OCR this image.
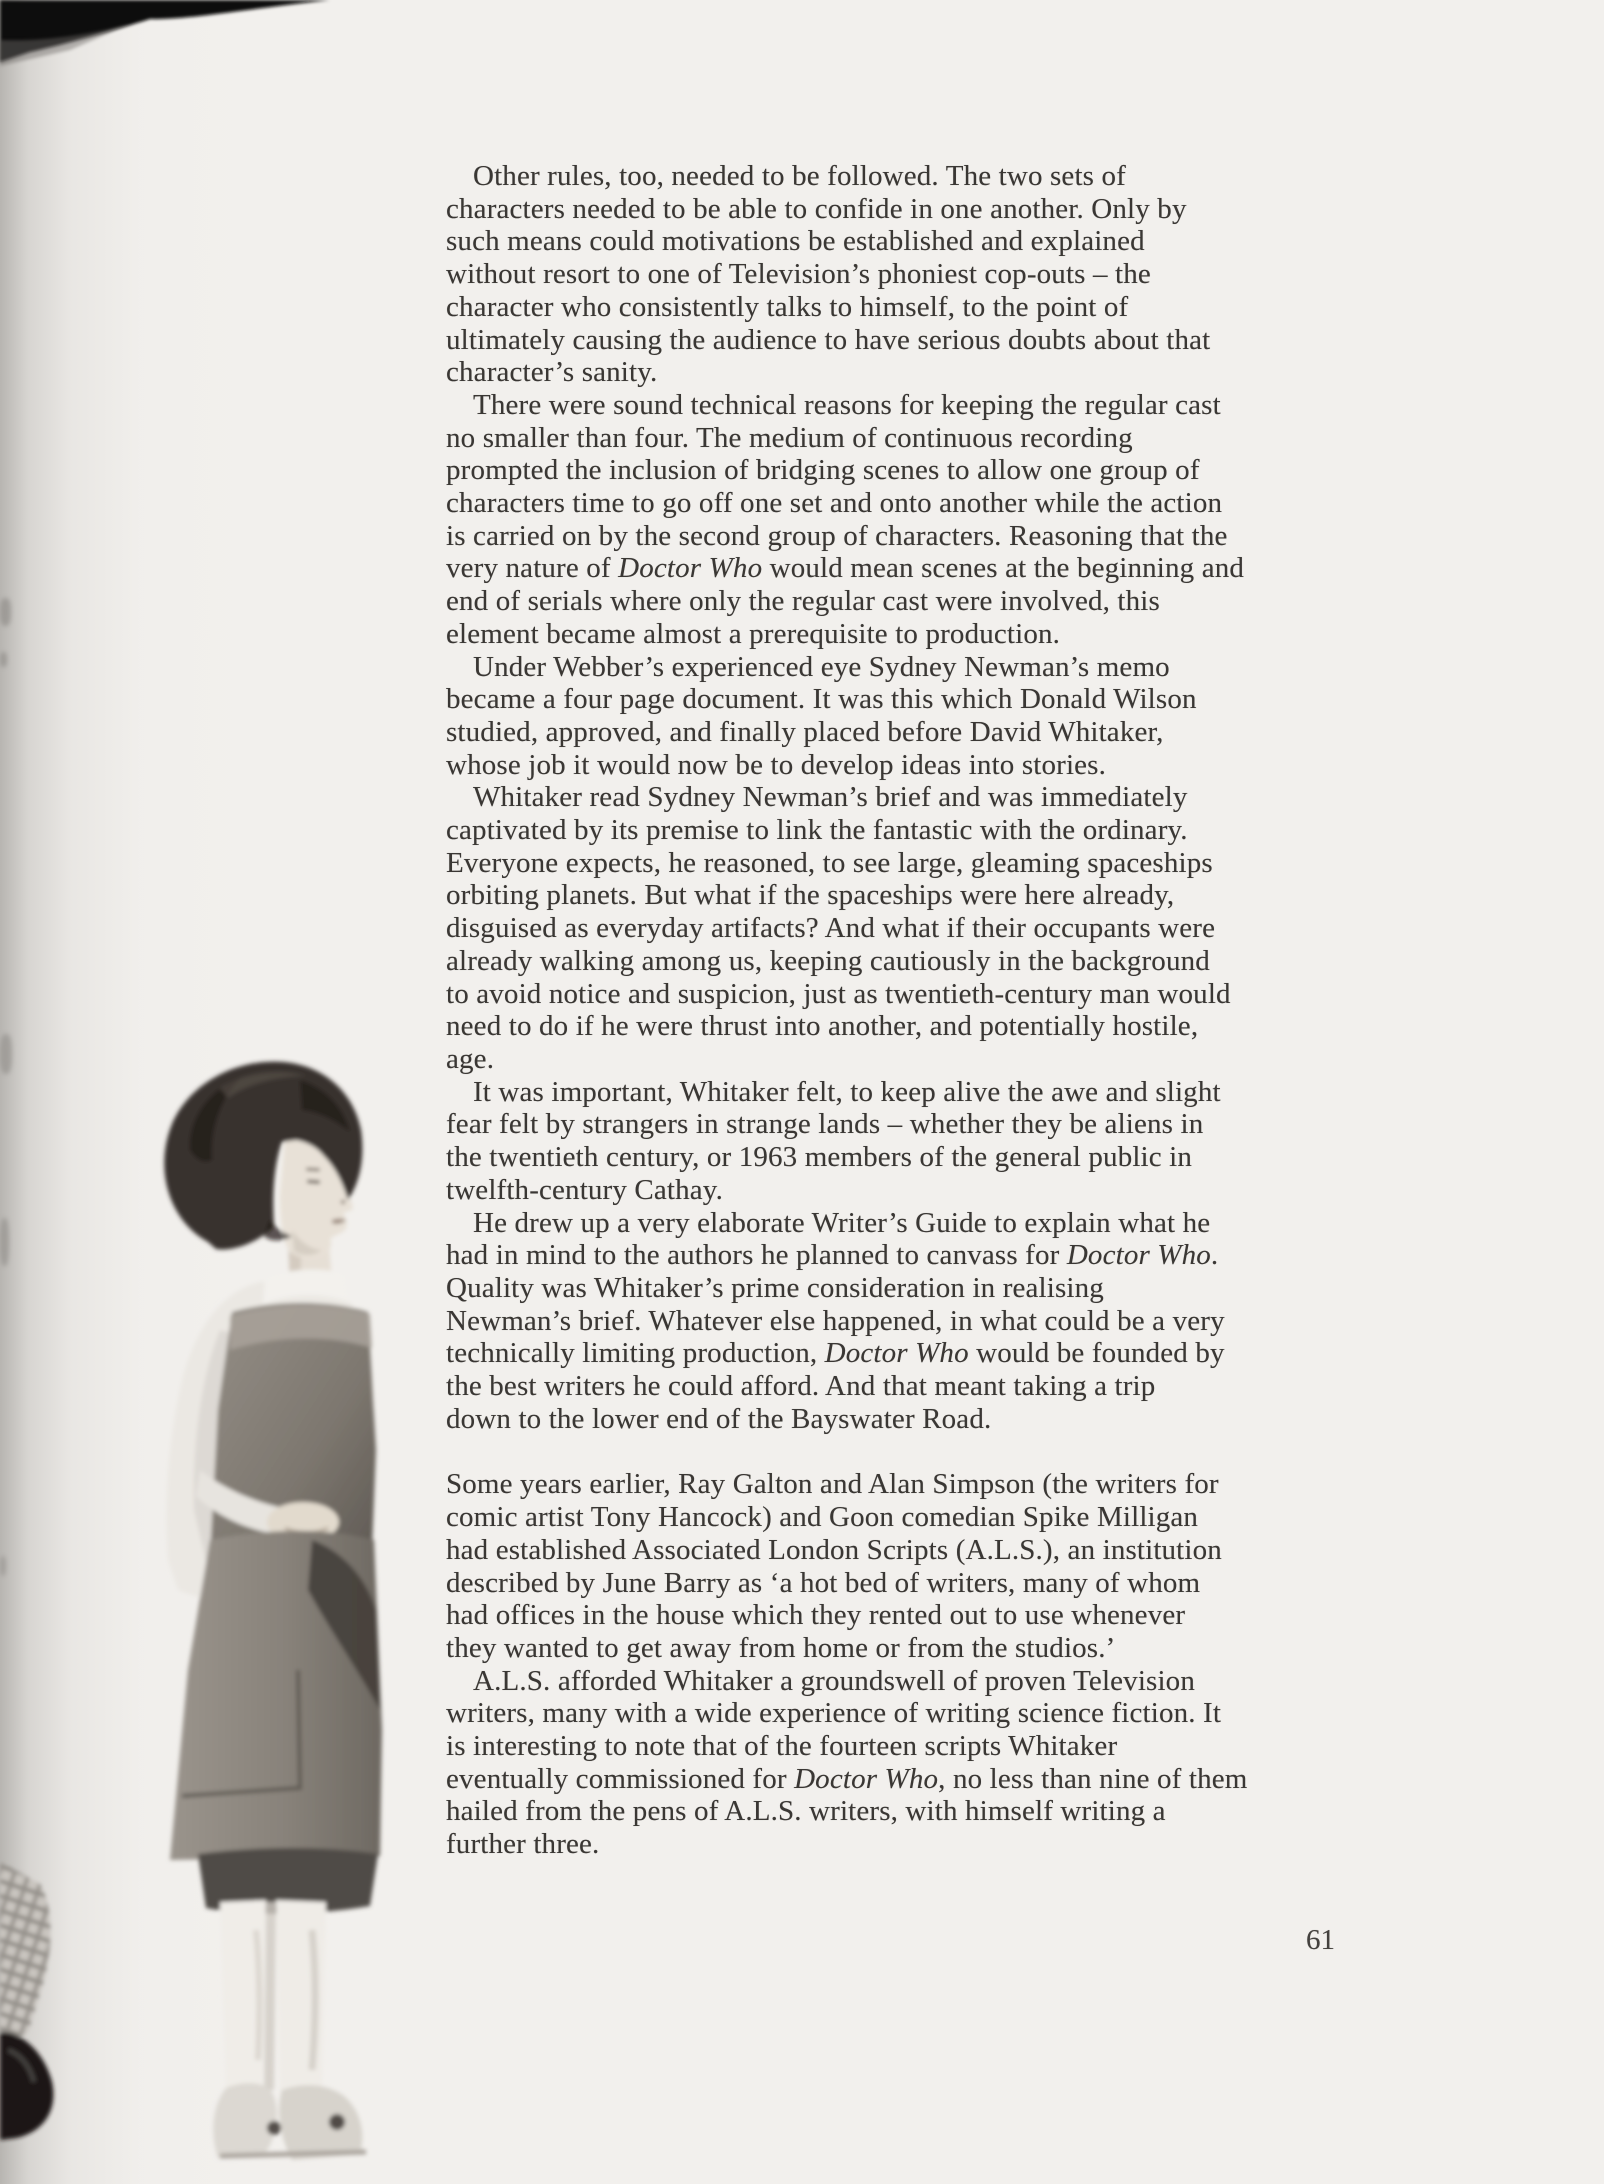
Other rules, too, needed to be followed. The two sets of
characters needed to be able to confide in one another. Only by
such means could motivations be established and explained
without resort to one of Television’s phoniest cop-outs – the
character who consistently talks to himself, to the point of
ultimately causing the audience to have serious doubts about that
character’s sanity.
There were sound technical reasons for keeping the regular cast
no smaller than four. The medium of continuous recording
prompted the inclusion of bridging scenes to allow one group of
characters time to go off one set and onto another while the action
is carried on by the second group of characters. Reasoning that the
very nature of Doctor Who would mean scenes at the beginning and
end of serials where only the regular cast were involved, this
element became almost a prerequisite to production.
Under Webber’s experienced eye Sydney Newman’s memo
became a four page document. It was this which Donald Wilson
studied, approved, and finally placed before David Whitaker,
whose job it would now be to develop ideas into stories.
Whitaker read Sydney Newman’s brief and was immediately
captivated by its premise to link the fantastic with the ordinary.
Everyone expects, he reasoned, to see large, gleaming spaceships
orbiting planets. But what if the spaceships were here already,
disguised as everyday artifacts? And what if their occupants were
already walking among us, keeping cautiously in the background
to avoid notice and suspicion, just as twentieth-century man would
need to do if he were thrust into another, and potentially hostile,
age.
It was important, Whitaker felt, to keep alive the awe and slight
fear felt by strangers in strange lands – whether they be aliens in
the twentieth century, or 1963 members of the general public in
twelfth-century Cathay.
He drew up a very elaborate Writer’s Guide to explain what he
had in mind to the authors he planned to canvass for Doctor Who.
Quality was Whitaker’s prime consideration in realising
Newman’s brief. Whatever else happened, in what could be a very
technically limiting production, Doctor Who would be founded by
the best writers he could afford. And that meant taking a trip
down to the lower end of the Bayswater Road.
Some years earlier, Ray Galton and Alan Simpson (the writers for
comic artist Tony Hancock) and Goon comedian Spike Milligan
had established Associated London Scripts (A.L.S.), an institution
described by June Barry as ‘a hot bed of writers, many of whom
had offices in the house which they rented out to use whenever
they wanted to get away from home or from the studios.’
A.L.S. afforded Whitaker a groundswell of proven Television
writers, many with a wide experience of writing science fiction. It
is interesting to note that of the fourteen scripts Whitaker
eventually commissioned for Doctor Who, no less than nine of them
hailed from the pens of A.L.S. writers, with himself writing a
further three.
61
